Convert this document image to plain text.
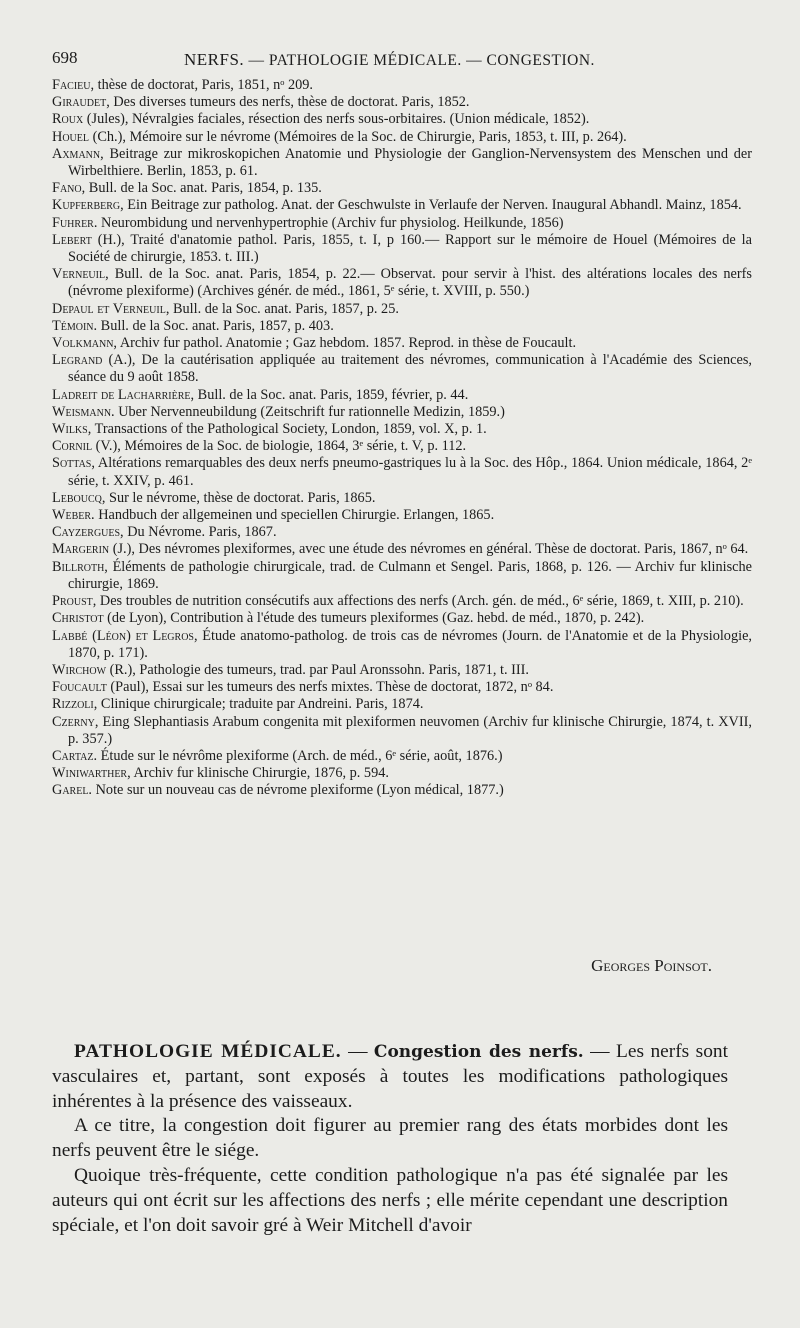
698	NERFS. — PATHOLOGIE MÉDICALE. — CONGESTION.
Facieu, thèse de doctorat, Paris, 1851, nᵒ 209.
Giraudet, Des diverses tumeurs des nerfs, thèse de doctorat. Paris, 1852.
Roux (Jules), Névralgies faciales, résection des nerfs sous-orbitaires. (Union médicale, 1852).
Houel (Ch.), Mémoire sur le névrome (Mémoires de la Soc. de Chirurgie, Paris, 1853, t. III, p. 264).
Axmann, Beitrage zur mikroskopichen Anatomie und Physiologie der Ganglion-Nervensystem des Menschen und der Wirbelthiere. Berlin, 1853, p. 61.
Fano, Bull. de la Soc. anat. Paris, 1854, p. 135.
Kupferberg, Ein Beitrage zur patholog. Anat. der Geschwulste in Verlaufe der Nerven. Inaugural Abhandl. Mainz, 1854.
Fuhrer. Neurombidung und nervenhypertrophie (Archiv fur physiolog. Heilkunde, 1856)
Lebert (H.), Traité d'anatomie pathol. Paris, 1855, t. I, p 160.— Rapport sur le mémoire de Houel (Mémoires de la Société de chirurgie, 1853. t. III.)
Verneuil, Bull. de la Soc. anat. Paris, 1854, p. 22.— Observat. pour servir à l'hist. des altérations locales des nerfs (névrome plexiforme) (Archives génér. de méd., 1861, 5ᵉ série, t. XVIII, p. 550.)
Depaul et Verneuil, Bull. de la Soc. anat. Paris, 1857, p. 25.
Témoin. Bull. de la Soc. anat. Paris, 1857, p. 403.
Volkmann, Archiv fur pathol. Anatomie ; Gaz hebdom. 1857. Reprod. in thèse de Foucault.
Legrand (A.), De la cautérisation appliquée au traitement des névromes, communication à l'Académie des Sciences, séance du 9 août 1858.
Ladreit de Lacharrière, Bull. de la Soc. anat. Paris, 1859, février, p. 44.
Weismann. Uber Nervenneubildung (Zeitschrift fur rationnelle Medizin, 1859.)
Wilks, Transactions of the Pathological Society, London, 1859, vol. X, p. 1.
Cornil (V.), Mémoires de la Soc. de biologie, 1864, 3ᵉ série, t. V, p. 112.
Sottas, Altérations remarquables des deux nerfs pneumo-gastriques lu à la Soc. des Hôp., 1864. Union médicale, 1864, 2ᵉ série, t. XXIV, p. 461.
Leboucq, Sur le névrome, thèse de doctorat. Paris, 1865.
Weber. Handbuch der allgemeinen und speciellen Chirurgie. Erlangen, 1865.
Cayzergues, Du Névrome. Paris, 1867.
Margerin (J.), Des névromes plexiformes, avec une étude des névromes en général. Thèse de doctorat. Paris, 1867, nᵒ 64.
Billroth, Éléments de pathologie chirurgicale, trad. de Culmann et Sengel. Paris, 1868, p. 126. — Archiv fur klinische chirurgie, 1869.
Proust, Des troubles de nutrition consécutifs aux affections des nerfs (Arch. gén. de méd., 6ᵉ série, 1869, t. XIII, p. 210).
Christot (de Lyon), Contribution à l'étude des tumeurs plexiformes (Gaz. hebd. de méd., 1870, p. 242).
Labbé (Léon) et Legros, Étude anatomo-patholog. de trois cas de névromes (Journ. de l'Anatomie et de la Physiologie, 1870, p. 171).
Wirchow (R.), Pathologie des tumeurs, trad. par Paul Aronssohn. Paris, 1871, t. III.
Foucault (Paul), Essai sur les tumeurs des nerfs mixtes. Thèse de doctorat, 1872, nᵒ 84.
Rizzoli, Clinique chirurgicale; traduite par Andreini. Paris, 1874.
Czerny, Eing Slephantiasis Arabum congenita mit plexiformen neuvomen (Archiv fur klinische Chirurgie, 1874, t. XVII, p. 357.)
Cartaz. Étude sur le névrôme plexiforme (Arch. de méd., 6ᵉ série, août, 1876.)
Winiwarther, Archiv fur klinische Chirurgie, 1876, p. 594.
Garel. Note sur un nouveau cas de névrome plexiforme (Lyon médical, 1877.)
Georges Poinsot.

PATHOLOGIE MÉDICALE. — Congestion des nerfs. — Les nerfs sont vasculaires et, partant, sont exposés à toutes les modifications pathologiques inhérentes à la présence des vaisseaux.

A ce titre, la congestion doit figurer au premier rang des états morbides dont les nerfs peuvent être le siége.

Quoique très-fréquente, cette condition pathologique n'a pas été signalée par les auteurs qui ont écrit sur les affections des nerfs ; elle mérite cependant une description spéciale, et l'on doit savoir gré à Weir Mitchell d'avoir
